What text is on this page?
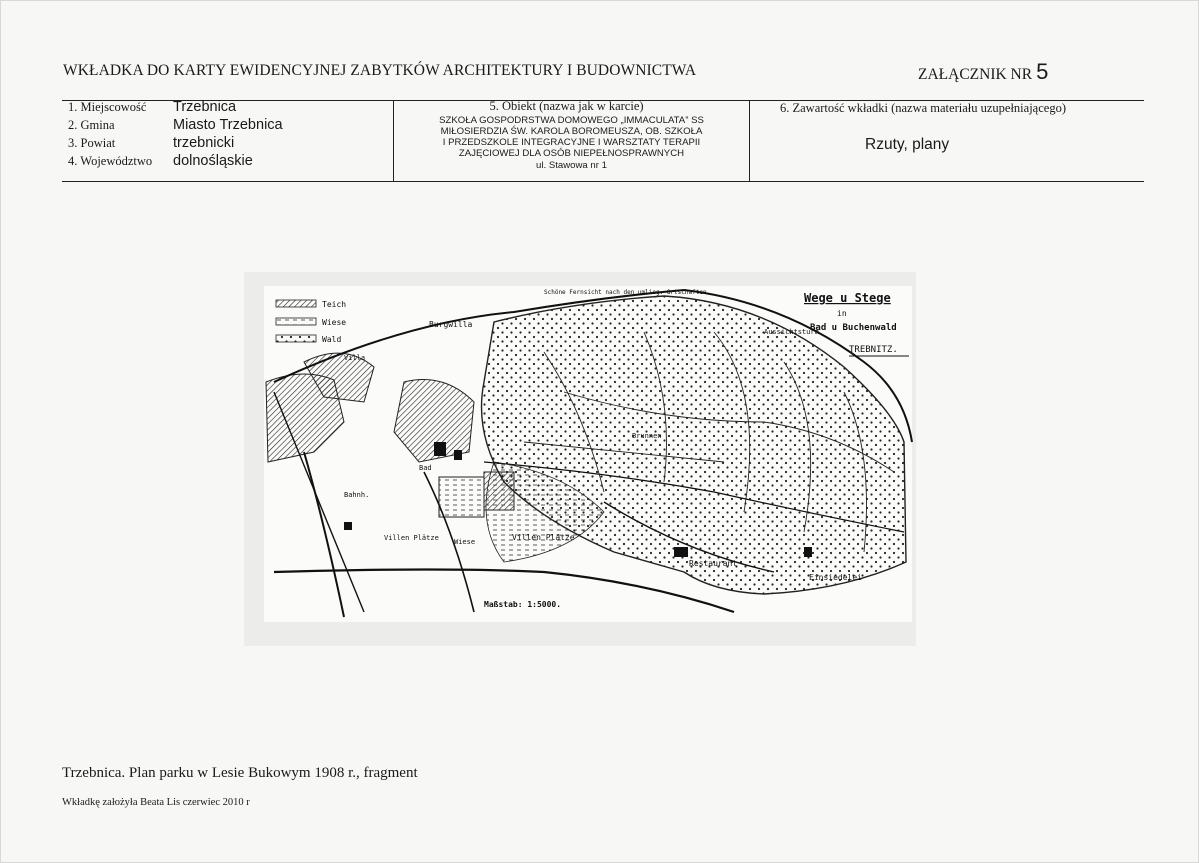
WKŁADKA DO KARTY EWIDENCYJNEJ ZABYTKÓW ARCHITEKTURY I BUDOWNICTWA	ZAŁĄCZNIK NR 5
1. Miejscowość	Trzebnica
2. Gmina	Miasto Trzebnica
3. Powiat	trzebnicki
4. Województwo	dolnośląskie
5. Obiekt (nazwa jak w karcie)
SZKOŁA GOSPODRSTWA DOMOWEGO „IMMACULATA” SS
MIŁOSIERDZIA ŚW. KAROLA BOROMEUSZA, OB. SZKOŁA
I PRZEDSZKOLE INTEGRACYJNE I WARSZTATY TERAPII
ZAJĘCIOWEJ DLA OSÓB NIEPEŁNOSPRAWNYCH
ul. Stawowa nr 1
6. Zawartość wkładki (nazwa materiału uzupełniającego)
Rzuty, plany
Teich
Wiese
Wald
Wege u Stege
in
Bad u Buchenwald
TREBNITZ.
Burgwilla
Villen Plätze
Villen Plätze
Bahnh.
Einsiedelei
Restaurant
Bad
Brunnen
Aussichtsturm
Schöne Fernsicht nach den umlieg. Ortschaften
Wiese
Villa
Maßstab: 1:5000.
Trzebnica. Plan parku w Lesie Bukowym 1908 r., fragment
Wkładkę założyła Beata Lis czerwiec 2010 r
